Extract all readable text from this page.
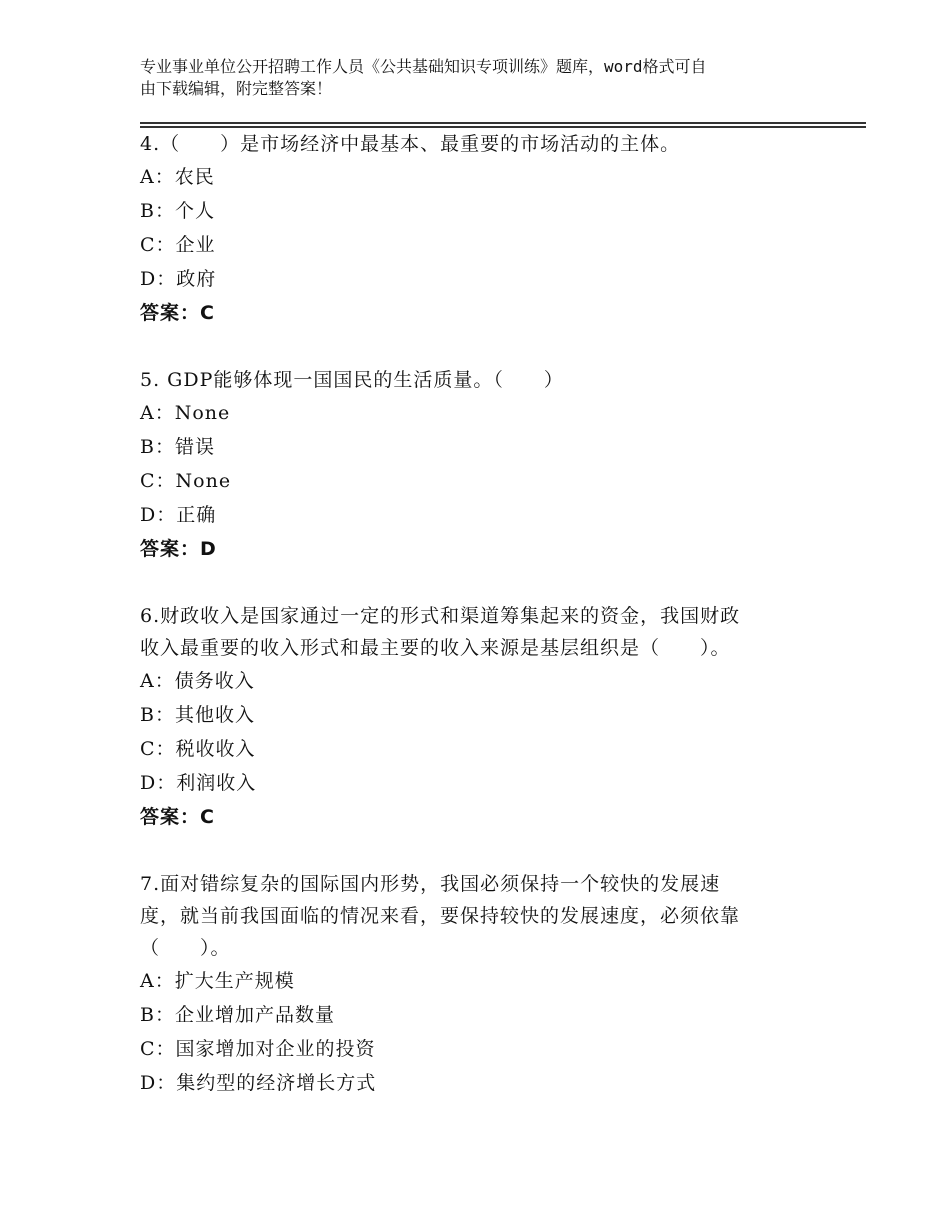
专业事业单位公开招聘工作人员《公共基础知识专项训练》题库，word格式可自
由下载编辑，附完整答案！
4.（　　）是市场经济中最基本、最重要的市场活动的主体。
A：农民
B：个人
C：企业
D：政府
答案：C
5. GDP能够体现一国国民的生活质量。（　　）
A：None
B：错误
C：None
D：正确
答案：D
6.财政收入是国家通过一定的形式和渠道筹集起来的资金，我国财政
收入最重要的收入形式和最主要的收入来源是基层组织是（　　）。
A：债务收入
B：其他收入
C：税收收入
D：利润收入
答案：C
7.面对错综复杂的国际国内形势，我国必须保持一个较快的发展速
度，就当前我国面临的情况来看，要保持较快的发展速度，必须依靠
（　　）。
A：扩大生产规模
B：企业增加产品数量
C：国家增加对企业的投资
D：集约型的经济增长方式
